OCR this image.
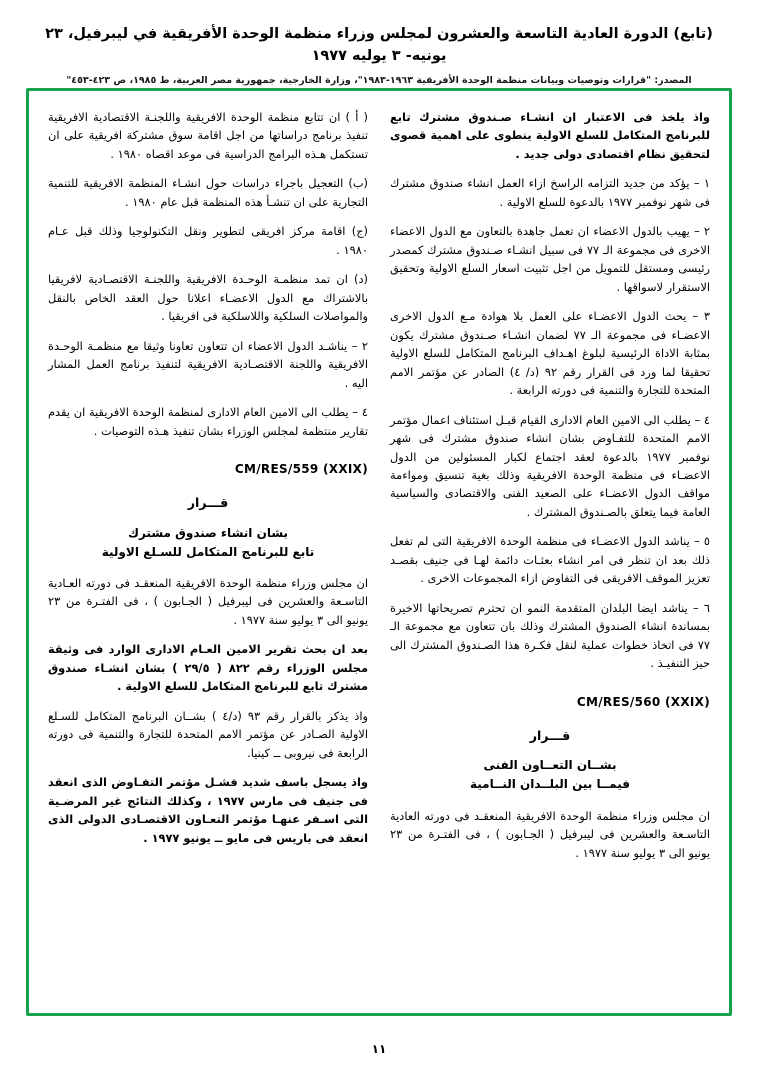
(تابع) الدورة العادية التاسعة والعشرون لمجلس وزراء منظمة الوحدة الأفريقية في ليبرفيل، ٢٣ يونيه- ٣ يوليه ١٩٧٧
المصدر: "قرارات وتوصيات وبيانات منظمة الوحدة الأفريقية ١٩٦٣-١٩٨٣"، وزارة الخارجية، جمهورية مصر العربية، ط ١٩٨٥، ص ٤٢٣-٤٥٣"

واذ يلخذ فى الاعتبار ان انشـاء صـندوق مشترك تابع للبرنامج المتكامل للسلع الاولية ينطوى على اهمية قصوى لتحقيق نظام اقتصادى دولى جديد .

١ – يؤكد من جديد التزامه الراسخ ازاء العمل انشاء صندوق مشترك فى شهر نوفمبر ١٩٧٧ بالدعوة للسلع الاولية .

٢ – يهيب بالدول الاعضاء ان تعمل جاهدة بالتعاون مع الدول الاعضاء الاخرى فى مجموعة الـ ٧٧ فى سبيل انشـاء صـندوق مشترك كمصدر رئيسى ومستقل للتمويل من اجل تثبيت اسعار السلع الاولية وتحقيق الاستقرار لاسواقها .

٣ – يحث الدول الاعضـاء على العمل بلا هوادة مـع الدول الاخرى الاعضـاء فى مجموعة الـ ٧٧ لضمان انشـاء صـندوق مشترك يكون بمثابة الاداة الرئيسية لبلوغ اهـداف البرنامج المتكامل للسلع الاولية تحقيقا لما ورد فى القرار رقم ٩٢ (د/ ٤) الصادر عن مؤتمر الامم المتحدة للتجارة والتنمية فى دورته الرابعة .

٤ – يطلب الى الامين العام الادارى القيام قبـل استئناف اعمال مؤتمر الامم المتحدة للتفـاوض بشان انشاء صندوق مشترك فى شهر نوفمبر ١٩٧٧ بالدعوة لعقد اجتماع لكبار المسئولين من الدول الاعضـاء فى منظمة الوحدة الافريقية وذلك بغية تنسيق ومواءمة مواقف الدول الاعضـاء على الصعيد الفنى والاقتصادى والسياسية العامة فيما يتعلق بالصـندوق المشترك .

٥ – يناشد الدول الاعضـاء فى منظمة الوحدة الافريقية التى لم تفعل ذلك بعد ان تنظر فى امر انشاء بعثـات دائمة لهـا فى جنيف بقصـد تعزيز الموقف الافريقى فى التفاوض ازاء المجموعات الاخرى .

٦ – يناشد ايضا البلدان المتقدمة النمو ان تحترم تصريحاتها الاخيرة بمساندة انشاء الصندوق المشترك وذلك بان تتعاون مع مجموعة الـ ٧٧ فى اتخاذ خطوات عملية لنقل فكـرة هذا الصـندوق المشترك الى حيز التنفيـذ .

CM/RES/560 (XXIX)
قـــرار
بشــان التعــاون الفنى
فيمــا بين البلــدان النــامية

ان مجلس وزراء منظمة الوحدة الافريقية المنعقـد فى دورته العادية التاسـعة والعشرين فى ليبرفيل ( الجـابون ) ، فى الفتـرة من ٢٣ يونيو الى ٣ يوليو سنة ١٩٧٧ .

( أ ) ان تتابع منظمة الوحدة الافريقية واللجنـة الاقتصادية الافريقية تنفيذ برنامج دراساتها من اجل اقامة سوق مشتركة افريقية على ان تستكمل هـذه البرامج الدراسية فى موعد اقصاه ١٩٨٠ .

(ب) التعجيل باجراء دراسات حول انشـاء المنظمة الافريقية للتنمية التجارية على ان تنشـأ هذه المنظمة قبل عام ١٩٨٠ .

(ج) اقامة مركز افريقى لتطوير ونقل التكنولوجيا وذلك قبل عـام ١٩٨٠ .

(د) ان تمد منظمـة الوحـدة الافريقية واللجنـة الاقتصـادية لافريقيا بالاشتراك مع الدول الاعضـاء اعلانا حول العقد الخاص بالنقل والمواصلات السلكية واللاسلكية فى افريقيا .

٢ – يناشـد الدول الاعضاء ان تتعاون تعاونا وثيقا مع منظمـة الوحـدة الافريقية واللجنة الاقتصـادية الافريقية لتنفيذ برنامج العمل المشار اليه .

٤ – يطلب الى الامين العام الادارى لمنظمة الوحدة الافريقية ان يقدم تقارير منتظمة لمجلس الوزراء بشان تنفيذ هـذه التوصيات .

CM/RES/559 (XXIX)
قـــرار
بشان انشاء صندوق مشترك
تابع للبرنامج المتكامل للسـلع الاولية

ان مجلس وزراء منظمة الوحدة الافريقية المنعقـد فى دورته العـادية التاسـعة والعشرين فى ليبرفيل ( الجـابون ) ، فى الفتـرة من ٢٣ يونيو الى ٣ يوليو سنة ١٩٧٧ .

بعد ان بحث تقرير الامين العـام الادارى الوارد فى وثيقة مجلس الوزراء رقم ٨٢٢ ( ٢٩/٥ ) بشان انشـاء صندوق مشترك تابع للبرنامج المتكامل للسلع الاولية .

واذ يذكر بالقرار رقم ٩٣ (د/٤ ) بشــان البرنامج المتكامل للسـلع الاولية الصـادر عن مؤتمر الامم المتحدة للتجارة والتنمية فى دورته الرابعة فى نيروبى ــ كينيا.

واذ يسجل باسف شديد فشـل مؤتمر التفـاوض الذى انعقد فى جنيف فى مارس ١٩٧٧ ، وكذلك النتائج غير المرضـية التى اسـفر عنهـا مؤتمر التعـاون الاقتصـادى الدولى الذى انعقد فى باريس فى مايو ــ يونيو ١٩٧٧ .

١١
